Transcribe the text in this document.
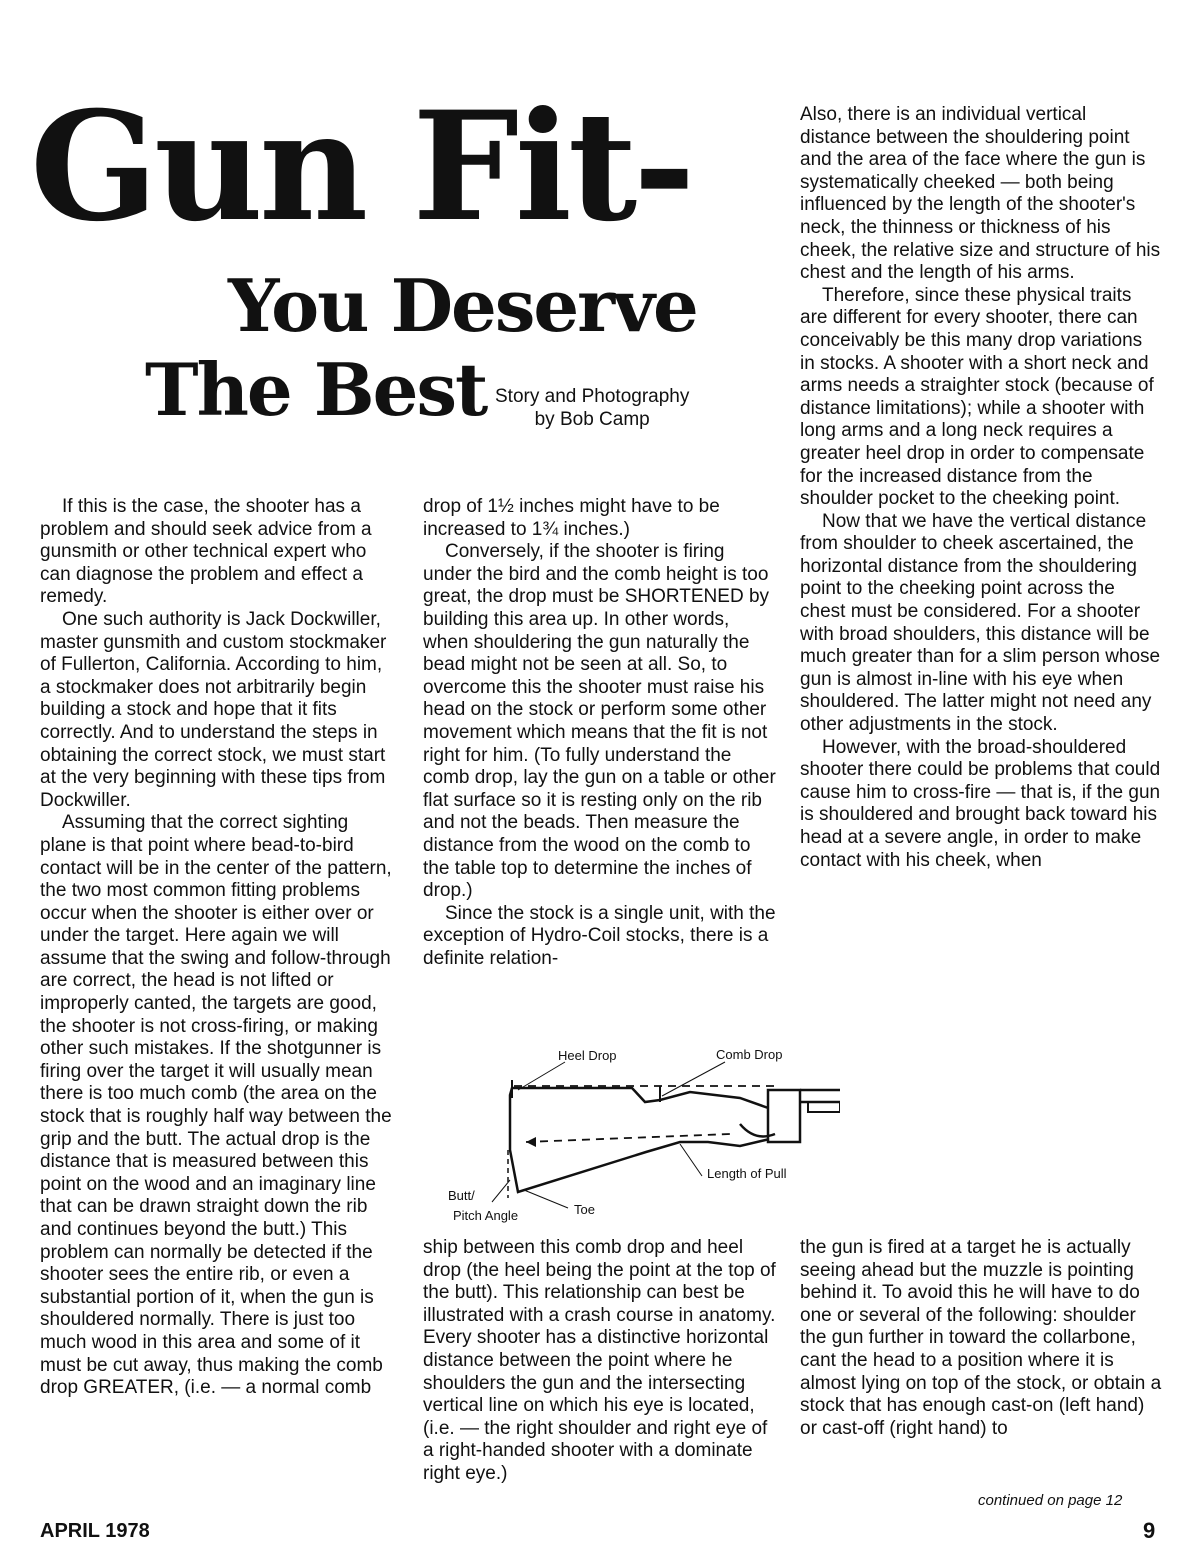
Gun Fit-
You Deserve
The Best Story and Photography
by Bob Camp

If this is the case, the shooter has a problem and should seek advice from a gunsmith or other technical expert who can diagnose the problem and effect a remedy.

One such authority is Jack Dockwiller, master gunsmith and custom stockmaker of Fullerton, California. According to him, a stockmaker does not arbitrarily begin building a stock and hope that it fits correctly. And to understand the steps in obtaining the correct stock, we must start at the very beginning with these tips from Dockwiller.

Assuming that the correct sighting plane is that point where bead-to-bird contact will be in the center of the pattern, the two most common fitting problems occur when the shooter is either over or under the target. Here again we will assume that the swing and follow-through are correct, the head is not lifted or improperly canted, the targets are good, the shooter is not cross-firing, or making other such mistakes. If the shotgunner is firing over the target it will usually mean there is too much comb (the area on the stock that is roughly half way between the grip and the butt. The actual drop is the distance that is measured between this point on the wood and an imaginary line that can be drawn straight down the rib and continues beyond the butt.) This problem can normally be detected if the shooter sees the entire rib, or even a substantial portion of it, when the gun is shouldered normally. There is just too much wood in this area and some of it must be cut away, thus making the comb drop GREATER, (i.e. — a normal comb

drop of 1½ inches might have to be increased to 1¾ inches.)

Conversely, if the shooter is firing under the bird and the comb height is too great, the drop must be SHORTENED by building this area up. In other words, when shouldering the gun naturally the bead might not be seen at all. So, to overcome this the shooter must raise his head on the stock or perform some other movement which means that the fit is not right for him. (To fully understand the comb drop, lay the gun on a table or other flat surface so it is resting only on the rib and not the beads. Then measure the distance from the wood on the comb to the table top to determine the inches of drop.)

Since the stock is a single unit, with the exception of Hydro-Coil stocks, there is a definite relation-

ship between this comb drop and heel drop (the heel being the point at the top of the butt). This relationship can best be illustrated with a crash course in anatomy. Every shooter has a distinctive horizontal distance between the point where he shoulders the gun and the intersecting vertical line on which his eye is located, (i.e. — the right shoulder and right eye of a right-handed shooter with a dominate right eye.)

Also, there is an individual vertical distance between the shouldering point and the area of the face where the gun is systematically cheeked — both being influenced by the length of the shooter's neck, the thinness or thickness of his cheek, the relative size and structure of his chest and the length of his arms.

Therefore, since these physical traits are different for every shooter, there can conceivably be this many drop variations in stocks. A shooter with a short neck and arms needs a straighter stock (because of distance limitations); while a shooter with long arms and a long neck requires a greater heel drop in order to compensate for the increased distance from the shoulder pocket to the cheeking point.

Now that we have the vertical distance from shoulder to cheek ascertained, the horizontal distance from the shouldering point to the cheeking point across the chest must be considered. For a shooter with broad shoulders, this distance will be much greater than for a slim person whose gun is almost in-line with his eye when shouldered. The latter might not need any other adjustments in the stock.

However, with the broad-shouldered shooter there could be problems that could cause him to cross-fire — that is, if the gun is shouldered and brought back toward his head at a severe angle, in order to make contact with his cheek, when

the gun is fired at a target he is actually seeing ahead but the muzzle is pointing behind it. To avoid this he will have to do one or several of the following: shoulder the gun further in toward the collarbone, cant the head to a position where it is almost lying on top of the stock, or obtain a stock that has enough cast-on (left hand) or cast-off (right hand) to

Heel Drop	Comb Drop
Length of Pull
Butt/
Pitch Angle	Toe
continued on page 12
APRIL 1978	9
